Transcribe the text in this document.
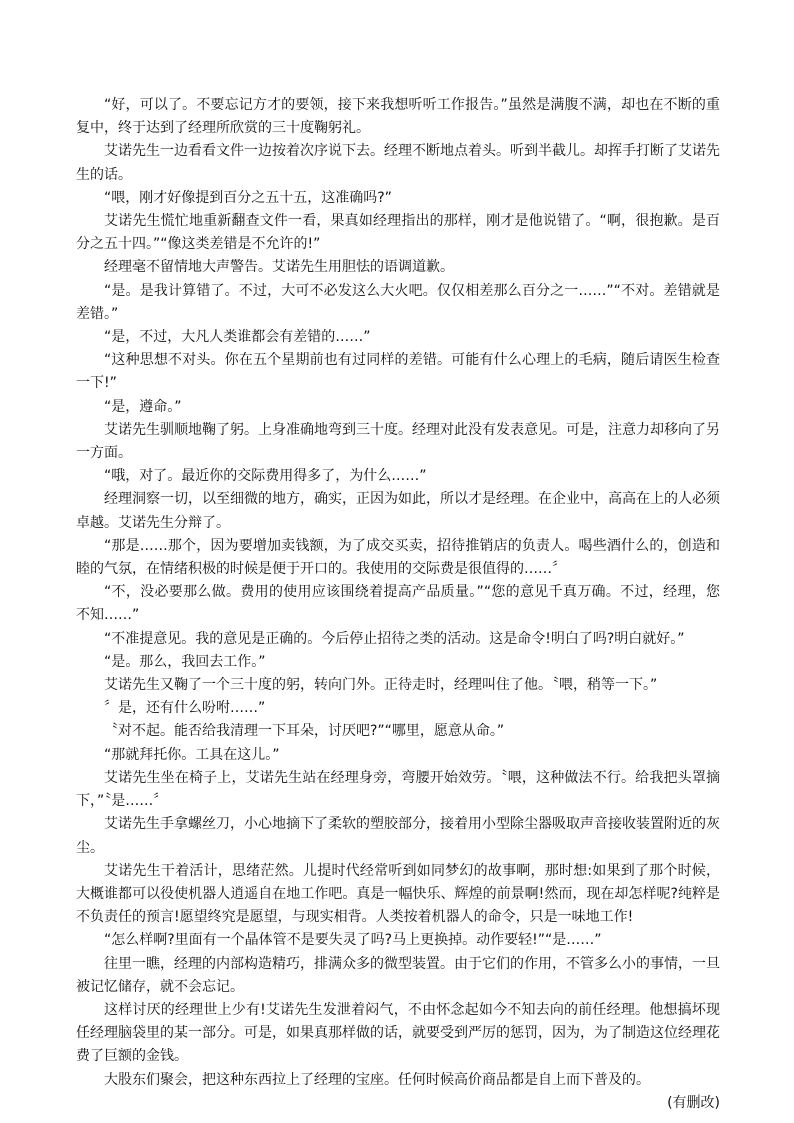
“好，可以了。不要忘记方才的要领，接下来我想听听工作报告。”虽然是满腹不满，却也在不断的重复中，终于达到了经理所欣赏的三十度鞠躬礼。

艾诺先生一边看看文件一边按着次序说下去。经理不断地点着头。听到半截儿。却挥手打断了艾诺先生的话。

“喂，刚才好像提到百分之五十五，这准确吗?”

艾诺先生慌忙地重新翻查文件一看，果真如经理指出的那样，刚才是他说错了。“啊，很抱歉。是百分之五十四。”“像这类差错是不允许的!”

经理毫不留情地大声警告。艾诺先生用胆怯的语调道歉。

“是。是我计算错了。不过，大可不必发这么大火吧。仅仅相差那么百分之一……”“不对。差错就是差错。”

“是，不过，大凡人类谁都会有差错的……”

“这种思想不对头。你在五个星期前也有过同样的差错。可能有什么心理上的毛病，随后请医生检查一下!”

“是，遵命。”

艾诺先生驯顺地鞠了躬。上身准确地弯到三十度。经理对此没有发表意见。可是，注意力却移向了另一方面。

“哦，对了。最近你的交际费用得多了，为什么……”

经理洞察一切，以至细微的地方，确实，正因为如此，所以才是经理。在企业中，高高在上的人必须卓越。艾诺先生分辩了。

“那是……那个，因为要增加卖钱额，为了成交买卖，招待推销店的负责人。喝些酒什么的，创造和睦的气氛，在情绪积极的时候是便于开口的。我使用的交际费是很值得的……〞

“不，没必要那么做。费用的使用应该围绕着提高产品质量。”“您的意见千真万确。不过，经理，您不知……”

“不准提意见。我的意见是正确的。今后停止招待之类的活动。这是命令!明白了吗?明白就好。”

“是。那么，我回去工作。”

艾诺先生又鞠了一个三十度的躬，转向门外。正待走时，经理叫住了他。〝喂，稍等一下。”

〞是，还有什么吩咐……”

〝对不起。能否给我清理一下耳朵，讨厌吧?”“哪里，愿意从命。”

“那就拜托你。工具在这儿。”

艾诺先生坐在椅子上，艾诺先生站在经理身旁，弯腰开始效劳。〝喂，这种做法不行。给我把头罩摘下，”〝是……〞

艾诺先生手拿螺丝刀，小心地摘下了柔软的塑胶部分，接着用小型除尘器吸取声音接收装置附近的灰尘。

艾诺先生干着活计，思绪茫然。儿提时代经常听到如同梦幻的故事啊，那时想:如果到了那个时候，大概谁都可以役使机器人逍遥自在地工作吧。真是一幅快乐、辉煌的前景啊!然而，现在却怎样呢?纯粹是不负责任的预言!愿望终究是愿望，与现实相背。人类按着机器人的命令，只是一味地工作!

“怎么样啊?里面有一个晶体管不是要失灵了吗?马上更换掉。动作要轻!”“是……”

往里一瞧，经理的内部构造精巧，排满众多的微型装置。由于它们的作用，不管多么小的事情，一旦被记忆储存，就不会忘记。

这样讨厌的经理世上少有!艾诺先生发泄着闷气，不由怀念起如今不知去向的前任经理。他想搞坏现任经理脑袋里的某一部分。可是，如果真那样做的话，就要受到严厉的惩罚，因为，为了制造这位经理花费了巨额的金钱。

大股东们聚会，把这种东西拉上了经理的宝座。任何时候高价商品都是自上而下普及的。

(有删改)
